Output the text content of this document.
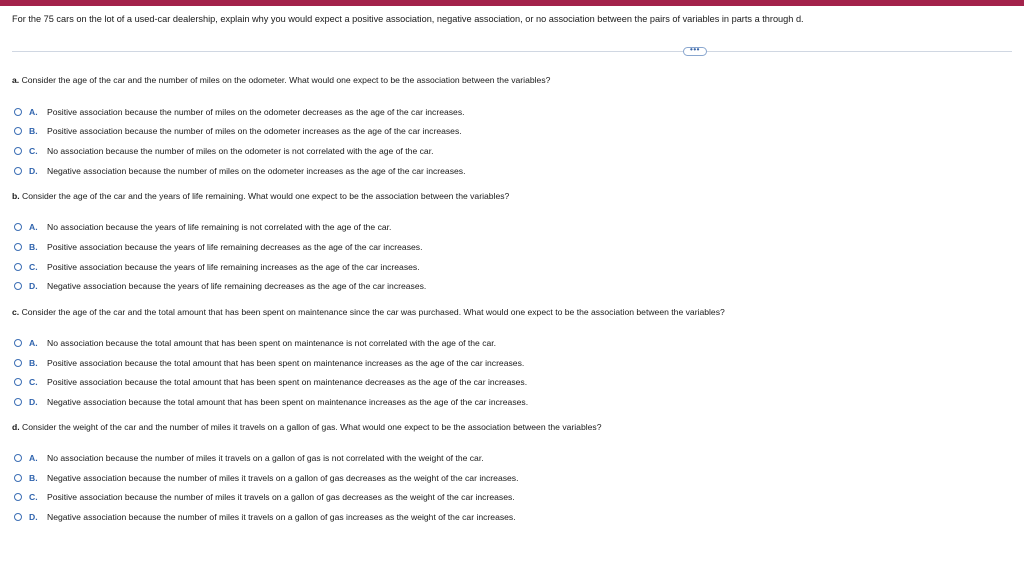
For the 75 cars on the lot of a used-car dealership, explain why you would expect a positive association, negative association, or no association between the pairs of variables in parts a through d.
•••
a. Consider the age of the car and the number of miles on the odometer. What would one expect to be the association between the variables?
A.	Positive association because the number of miles on the odometer decreases as the age of the car increases.
B.	Positive association because the number of miles on the odometer increases as the age of the car increases.
C.	No association because the number of miles on the odometer is not correlated with the age of the car.
D.	Negative association because the number of miles on the odometer increases as the age of the car increases.
b. Consider the age of the car and the years of life remaining. What would one expect to be the association between the variables?
A.	No association because the years of life remaining is not correlated with the age of the car.
B.	Positive association because the years of life remaining decreases as the age of the car increases.
C.	Positive association because the years of life remaining increases as the age of the car increases.
D.	Negative association because the years of life remaining decreases as the age of the car increases.
c. Consider the age of the car and the total amount that has been spent on maintenance since the car was purchased. What would one expect to be the association between the variables?
A.	No association because the total amount that has been spent on maintenance is not correlated with the age of the car.
B.	Positive association because the total amount that has been spent on maintenance increases as the age of the car increases.
C.	Positive association because the total amount that has been spent on maintenance decreases as the age of the car increases.
D.	Negative association because the total amount that has been spent on maintenance increases as the age of the car increases.
d. Consider the weight of the car and the number of miles it travels on a gallon of gas. What would one expect to be the association between the variables?
A.	No association because the number of miles it travels on a gallon of gas is not correlated with the weight of the car.
B.	Negative association because the number of miles it travels on a gallon of gas decreases as the weight of the car increases.
C.	Positive association because the number of miles it travels on a gallon of gas decreases as the weight of the car increases.
D.	Negative association because the number of miles it travels on a gallon of gas increases as the weight of the car increases.
